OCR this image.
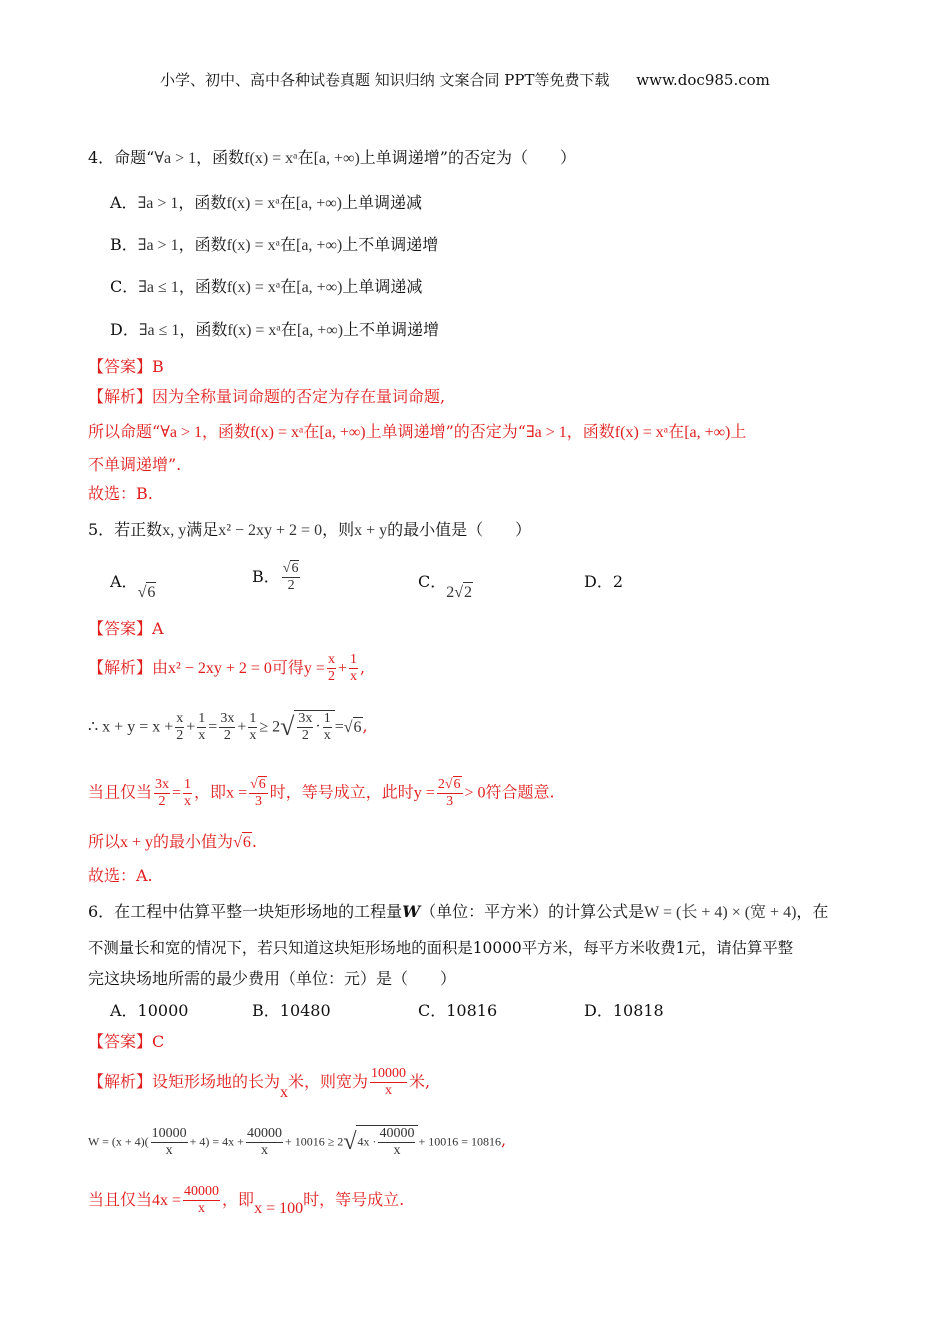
小学、初中、高中各种试卷真题 知识归纳 文案合同 PPT等免费下载 www.doc985.com
4．命题“∀a > 1，函数f(x) = xᵃ在[a, +∞)上单调递增”的否定为（　　）
A．∃a > 1，函数f(x) = xᵃ在[a, +∞)上单调递减
B．∃a > 1，函数f(x) = xᵃ在[a, +∞)上不单调递增
C．∃a ≤ 1，函数f(x) = xᵃ在[a, +∞)上单调递减
D．∃a ≤ 1，函数f(x) = xᵃ在[a, +∞)上不单调递增
【答案】B
【解析】因为全称量词命题的否定为存在量词命题,
所以命题“∀a > 1，函数f(x) = xᵃ在[a, +∞)上单调递增”的否定为“∃a > 1，函数f(x) = xᵃ在[a, +∞)上
不单调递增”.
故选：B.
5．若正数x, y满足x² − 2xy + 2 = 0，则x + y的最小值是（　　）
A．√6
B． $\frac{√6}{2}$	C．2√2
D．2
【答案】A
【解析】由x² − 2xy + 2 = 0可得$y = \frac{x}{2} + \frac{1}{x}$ ,
∴ $x + y = x + \frac{x}{2} + \frac{1}{x} = \frac{3x}{2} + \frac{1}{x} \ge 2√ \frac{3x}{2} \cdot \frac{1}{x} =√6$,
当且仅当 $\frac{3x}{2} = \frac{1}{x}$ ，即$x = \frac{√6}{3}$ 时，等号成立，此时$y = \frac{2√6}{3} > 0$符合题意.
所以x + y的最小值为√6.
故选：A.
6．在工程中估算平整一块矩形场地的工程量W（单位：平方米）的计算公式是W = (长 + 4) × (宽 + 4)，在
不测量长和宽的情况下，若只知道这块矩形场地的面积是10000平方米，每平方米收费1元，请估算平整
完这块场地所需的最少费用（单位：元）是（　　）
A．10000	B．10480	C．10816	D．10818
【答案】C
【解析】设矩形场地的长为x米，则宽为 $\frac{10000}{x}$ 米,
$W = (x + 4)( \frac{10000}{x} + 4) = 4x + \frac{40000}{x} + 10016 \ge 2√4x \cdot \frac{40000}{x} + 10016 = 10816$,
当且仅当$4x = \frac{40000}{x}$ ，即x = 100时，等号成立.
